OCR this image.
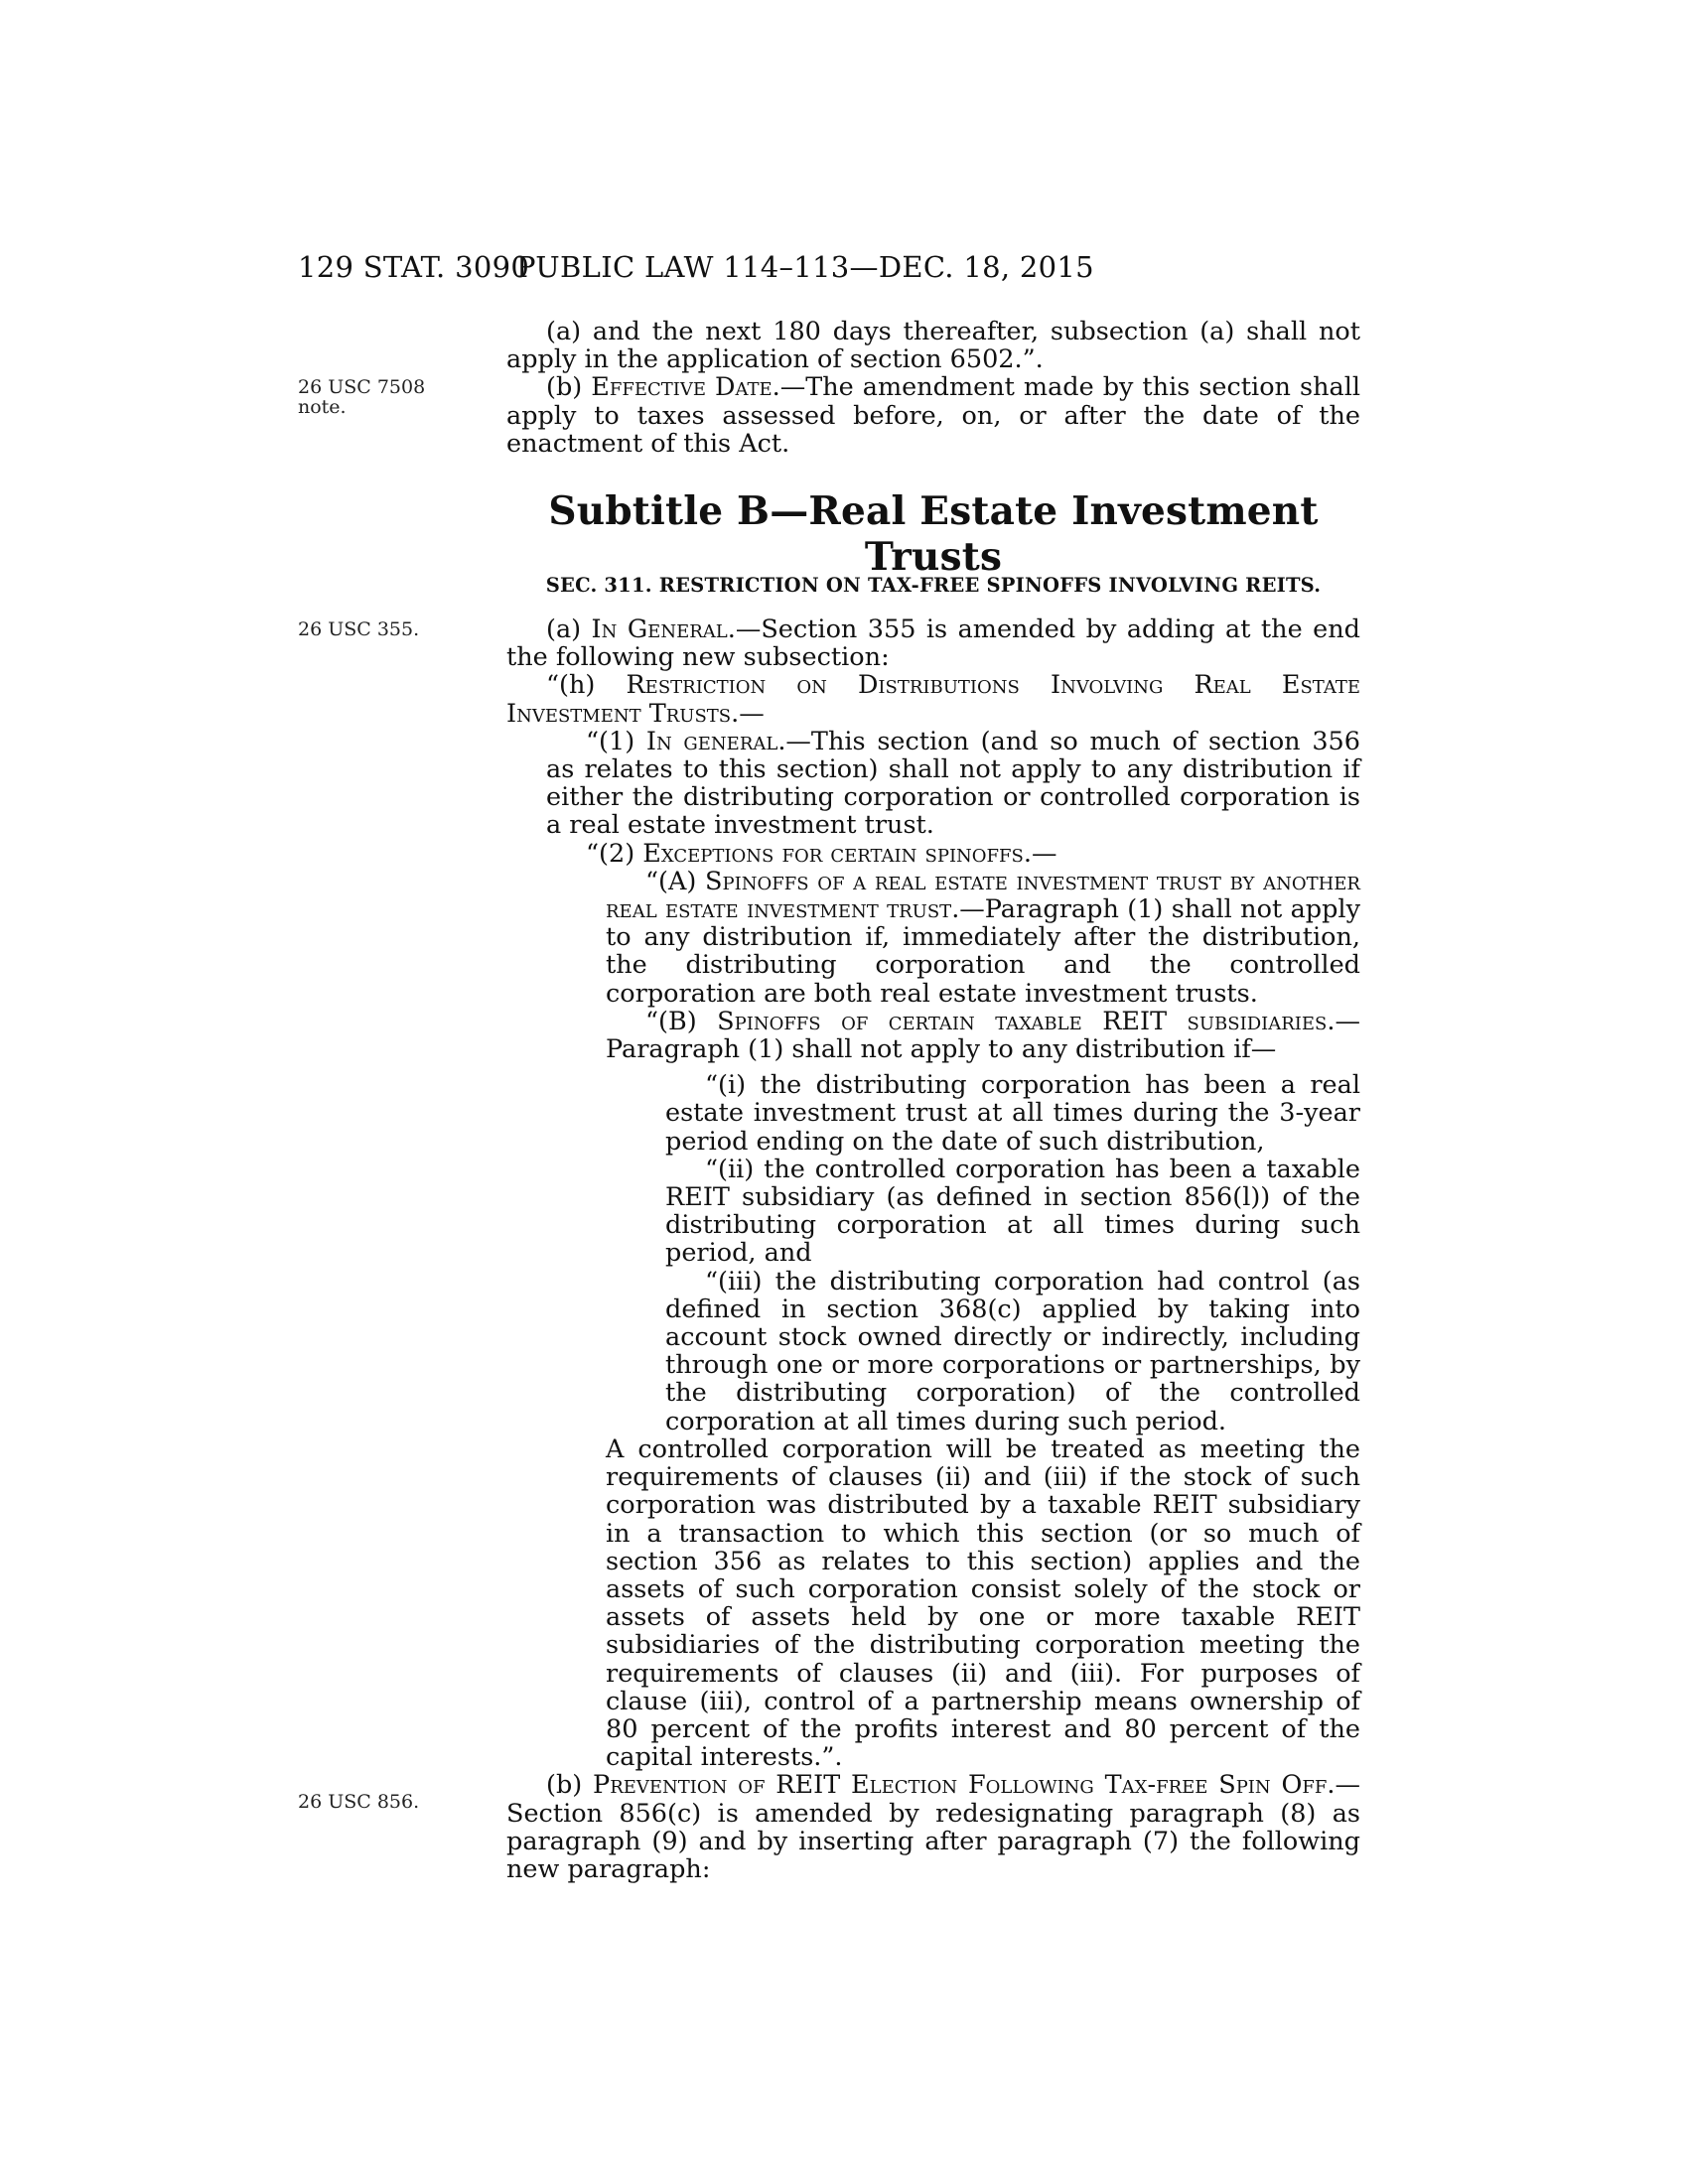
129 STAT. 3090
PUBLIC LAW 114–113—DEC. 18, 2015
26 USC 7508
note.
26 USC 355.
26 USC 856.

(a) and the next 180 days thereafter, subsection (a) shall not apply in the application of section 6502.”.

(b) Effective Date.—The amendment made by this section shall apply to taxes assessed before, on, or after the date of the enactment of this Act.

Subtitle B—Real Estate Investment Trusts
SEC. 311. RESTRICTION ON TAX-FREE SPINOFFS INVOLVING REITS.

(a) In General.—Section 355 is amended by adding at the end the following new subsection:

“(h) Restriction on Distributions Involving Real Estate Investment Trusts.—

“(1) In general.—This section (and so much of section 356 as relates to this section) shall not apply to any distribution if either the distributing corporation or controlled corporation is a real estate investment trust.

“(2) Exceptions for certain spinoffs.—

“(A) Spinoffs of a real estate investment trust by another real estate investment trust.—Paragraph (1) shall not apply to any distribution if, immediately after the distribution, the distributing corporation and the controlled corporation are both real estate investment trusts.

“(B) Spinoffs of certain taxable REIT subsidiaries.—Paragraph (1) shall not apply to any distribution if—

“(i) the distributing corporation has been a real estate investment trust at all times during the 3-year period ending on the date of such distribution,

“(ii) the controlled corporation has been a taxable REIT subsidiary (as defined in section 856(l)) of the distributing corporation at all times during such period, and

“(iii) the distributing corporation had control (as defined in section 368(c) applied by taking into account stock owned directly or indirectly, including through one or more corporations or partnerships, by the distributing corporation) of the controlled corporation at all times during such period.

A controlled corporation will be treated as meeting the requirements of clauses (ii) and (iii) if the stock of such corporation was distributed by a taxable REIT subsidiary in a transaction to which this section (or so much of section 356 as relates to this section) applies and the assets of such corporation consist solely of the stock or assets of assets held by one or more taxable REIT subsidiaries of the distributing corporation meeting the requirements of clauses (ii) and (iii). For purposes of clause (iii), control of a partnership means ownership of 80 percent of the profits interest and 80 percent of the capital interests.”.

(b) Prevention of REIT Election Following Tax-free Spin Off.—Section 856(c) is amended by redesignating paragraph (8) as paragraph (9) and by inserting after paragraph (7) the following new paragraph:
